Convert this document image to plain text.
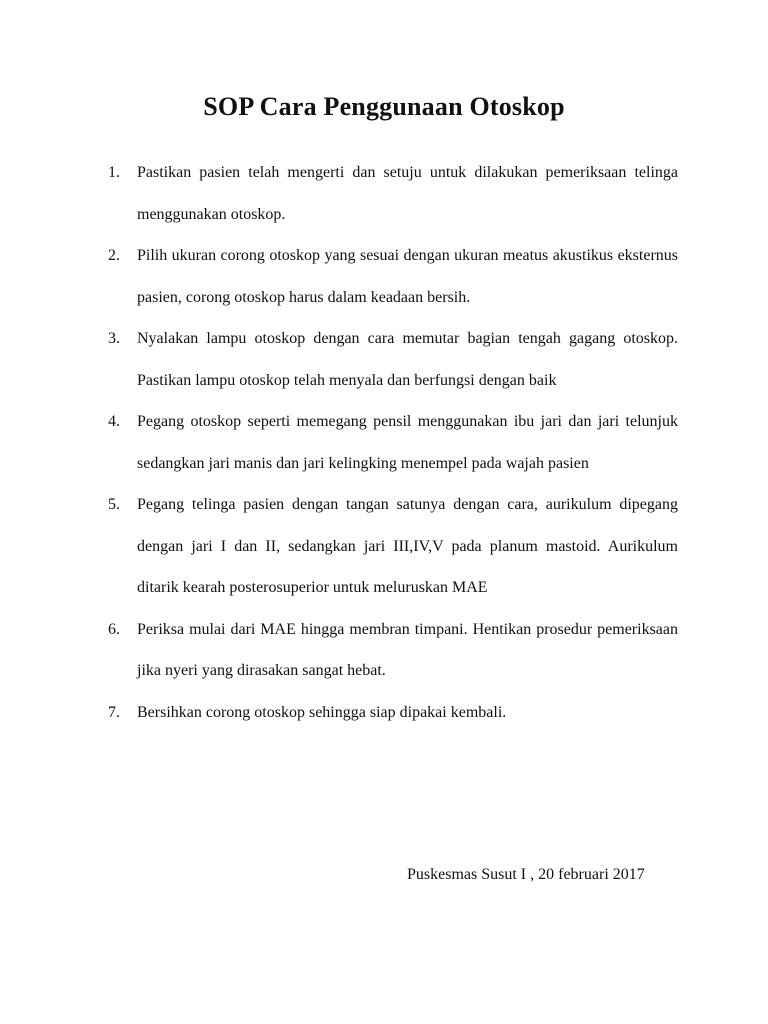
SOP Cara Penggunaan Otoskop
1. Pastikan pasien telah mengerti dan setuju untuk dilakukan pemeriksaan telinga menggunakan otoskop.
2. Pilih ukuran corong otoskop yang sesuai dengan ukuran meatus akustikus eksternus pasien, corong otoskop harus dalam keadaan bersih.
3. Nyalakan lampu otoskop dengan cara memutar bagian tengah gagang otoskop. Pastikan lampu otoskop telah menyala dan berfungsi dengan baik
4. Pegang otoskop seperti memegang pensil menggunakan ibu jari dan jari telunjuk sedangkan jari manis dan jari kelingking menempel pada wajah pasien
5. Pegang telinga pasien dengan tangan satunya dengan cara, aurikulum dipegang dengan jari I dan II, sedangkan jari III,IV,V pada planum mastoid. Aurikulum ditarik kearah posterosuperior untuk meluruskan MAE
6. Periksa mulai dari MAE hingga membran timpani. Hentikan prosedur pemeriksaan jika nyeri yang dirasakan sangat hebat.
7. Bersihkan corong otoskop sehingga siap dipakai kembali.

Puskesmas Susut I , 20 februari 2017
